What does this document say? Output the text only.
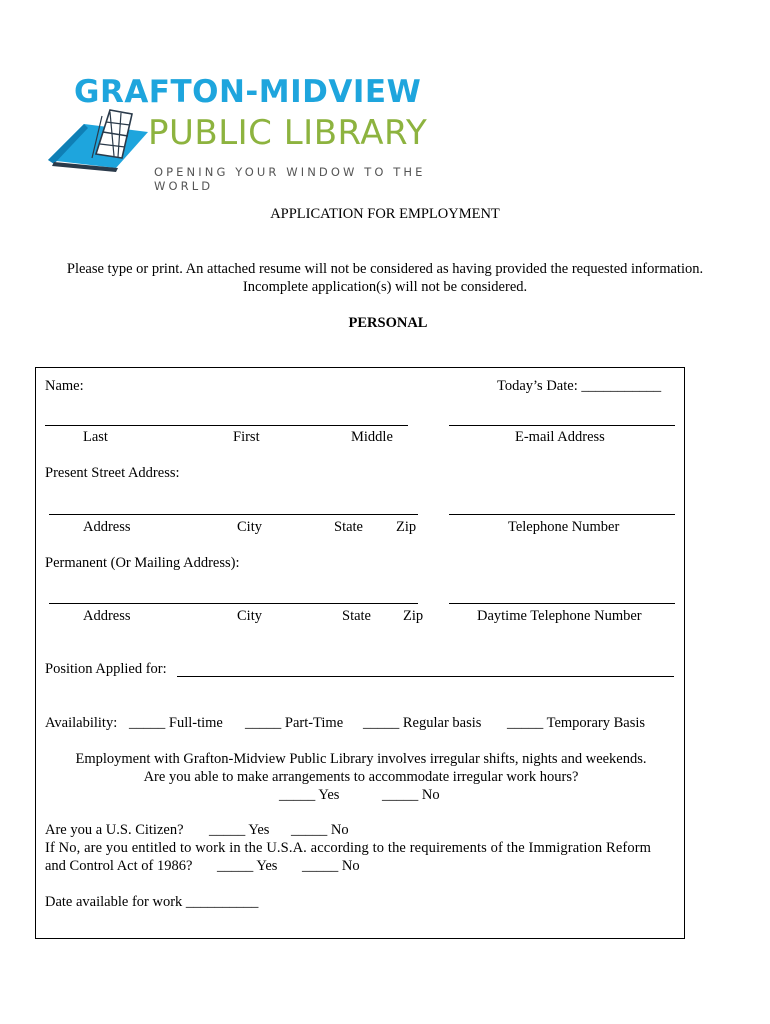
GRAFTON-MIDVIEW
PUBLIC LIBRARY
OPENING YOUR WINDOW TO THE WORLD
APPLICATION FOR EMPLOYMENT
Please type or print. An attached resume will not be considered as having provided the requested information.
Incomplete application(s) will not be considered.
PERSONAL
Name:	Today’s Date: ___________
Last	First	Middle	E-mail Address
Present Street Address:
Address	City	State Zip	Telephone Number
Permanent (Or Mailing Address):
Address	City	State Zip	Daytime Telephone Number
Position Applied for:
Availability: _____ Full-time _____ Part-Time _____ Regular basis _____ Temporary Basis
Employment with Grafton-Midview Public Library involves irregular shifts, nights and weekends.
Are you able to make arrangements to accommodate irregular work hours?
_____ Yes	_____ No
Are you a U.S. Citizen? _____ Yes _____ No
If No, are you entitled to work in the U.S.A. according to the requirements of the Immigration Reform
and Control Act of 1986? _____ Yes _____ No
Date available for work __________
